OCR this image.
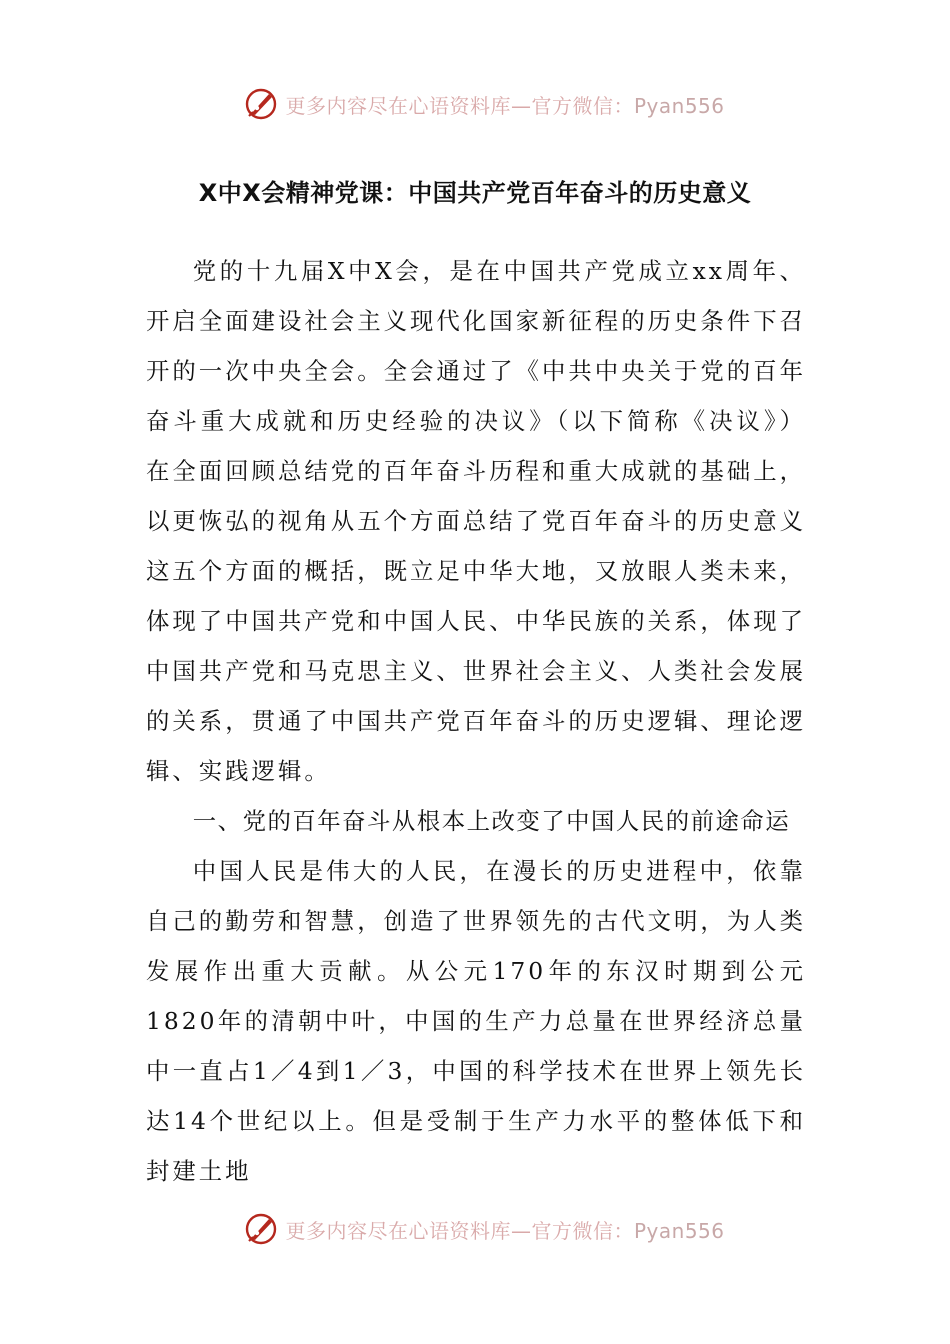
更多内容尽在心语资料库—官方微信：Pyan556
X中X会精神党课：中国共产党百年奋斗的历史意义

党的十九届X中X会，是在中国共产党成立xx周年、开启全面建设社会主义现代化国家新征程的历史条件下召开的一次中央全会。全会通过了《中共中央关于党的百年奋斗重大成就和历史经验的决议》（以下简称《决议》）在全面回顾总结党的百年奋斗历程和重大成就的基础上，以更恢弘的视角从五个方面总结了党百年奋斗的历史意义这五个方面的概括，既立足中华大地，又放眼人类未来，体现了中国共产党和中国人民、中华民族的关系，体现了中国共产党和马克思主义、世界社会主义、人类社会发展的关系，贯通了中国共产党百年奋斗的历史逻辑、理论逻辑、实践逻辑。

一、党的百年奋斗从根本上改变了中国人民的前途命运

中国人民是伟大的人民，在漫长的历史进程中，依靠自己的勤劳和智慧，创造了世界领先的古代文明，为人类发展作出重大贡献。从公元170年的东汉时期到公元1820年的清朝中叶，中国的生产力总量在世界经济总量中一直占1／4到1／3，中国的科学技术在世界上领先长达14个世纪以上。但是受制于生产力水平的整体低下和封建土地

更多内容尽在心语资料库—官方微信：Pyan556
